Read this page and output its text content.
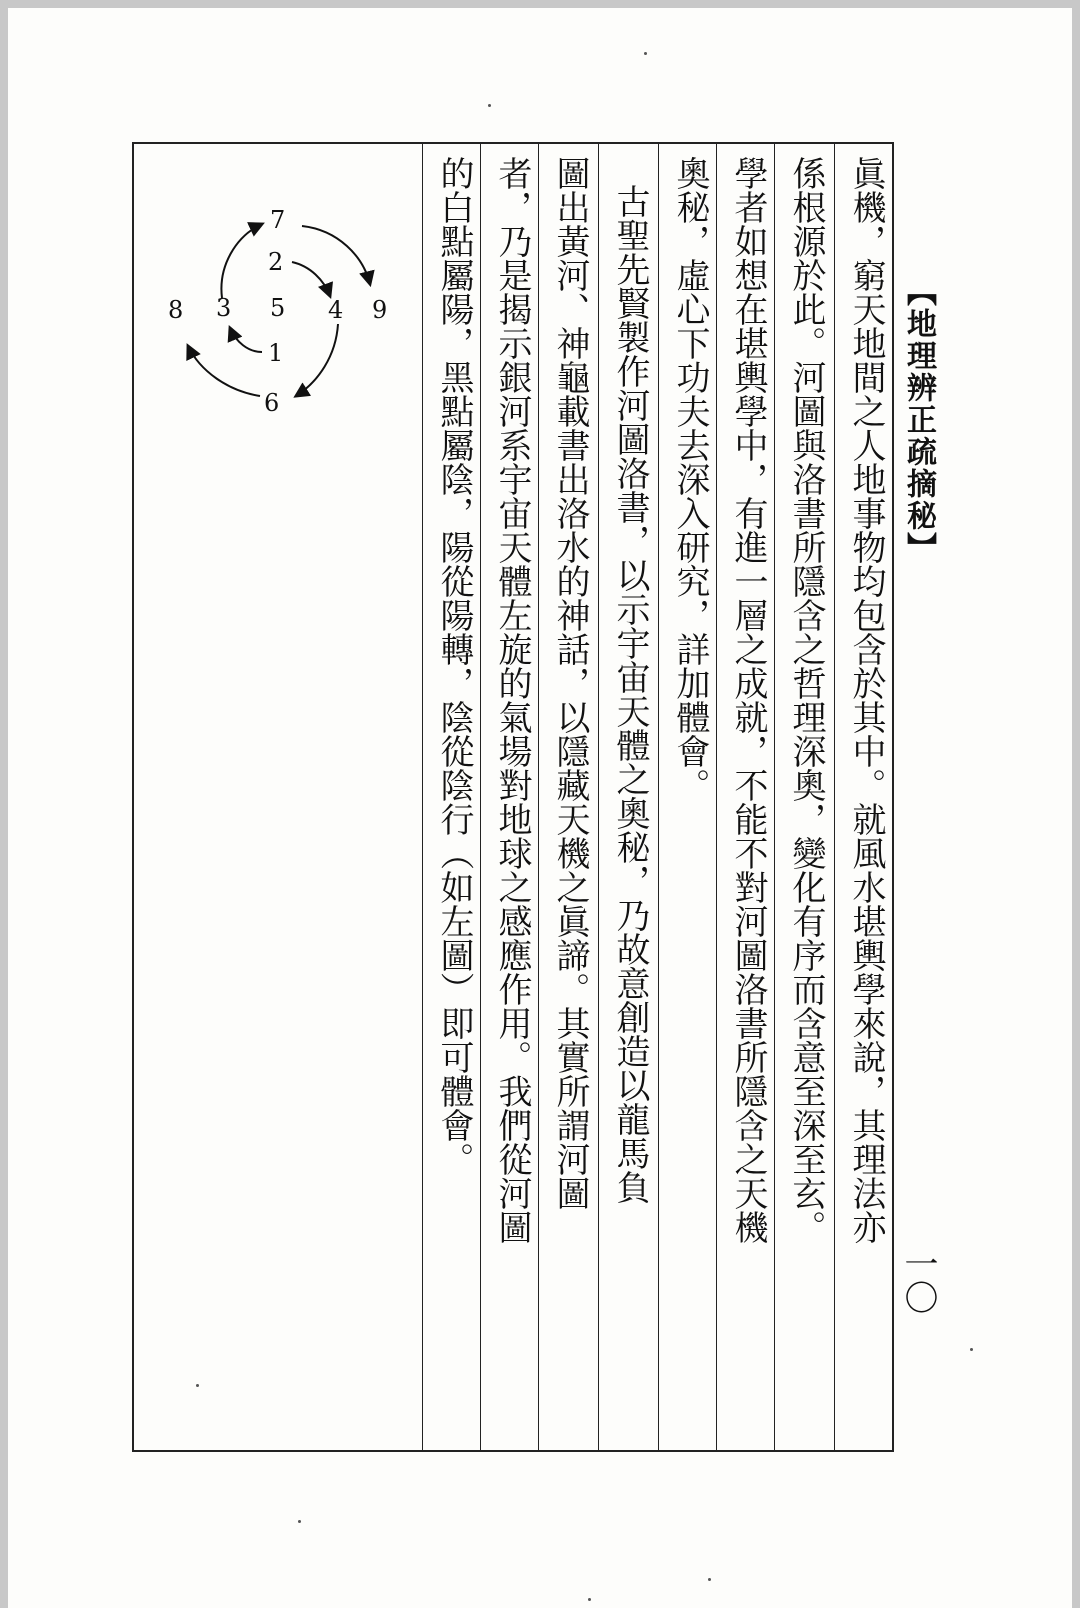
【地理辨正疏摘秘】
一〇
眞機，窮天地間之人地事物均包含於其中。就風水堪輿學來說，其理法亦
係根源於此。河圖與洛書所隱含之哲理深奧，變化有序而含意至深至玄。
學者如想在堪輿學中，有進一層之成就，不能不對河圖洛書所隱含之天機
奧秘，虛心下功夫去深入研究，詳加體會。
古聖先賢製作河圖洛書，以示宇宙天體之奧秘，乃故意創造以龍馬負
圖出黃河、神龜載書出洛水的神話，以隱藏天機之眞諦。其實所謂河圖
者，乃是揭示銀河系宇宙天體左旋的氣場對地球之感應作用。我們從河圖
的白點屬陽，黑點屬陰，陽從陽轉，陰從陰行（如左圖）即可體會。
7
2
3 5 4
8	9
1
6
